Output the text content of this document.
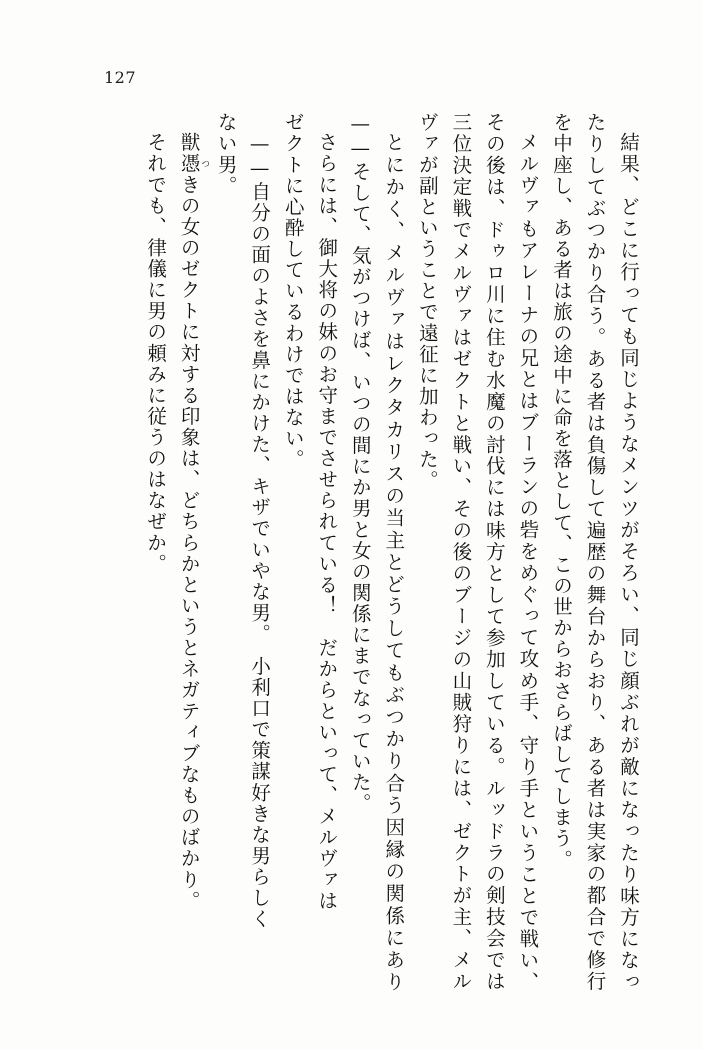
127

結果、どこに行っても同じようなメンツがそろい、同じ顔ぶれが敵になったり味方になったりしてぶつかり合う。ある者は負傷して遍歴の舞台からおり、ある者は実家の都合で修行を中座し、ある者は旅の途中に命を落として、この世からおさらばしてしまう。

メルヴァもアレーナの兄とはブーランの砦をめぐって攻め手、守り手ということで戦い、その後は、ドゥロ川に住む水魔の討伐には味方として参加している。ルッドラの剣技会では三位決定戦でメルヴァはゼクトと戦い、その後のブージの山賊狩りには、ゼクトが主、メルヴァが副ということで遠征に加わった。

とにかく、メルヴァはレクタカリスの当主とどうしてもぶつかり合う因縁の関係にあり——そして、気がつけば、いつの間にか男と女の関係にまでなっていた。

さらには、御大将の妹のお守までさせられている！　だからといって、メルヴァは

ゼクトに心酔しているわけではない。

——自分の面のよさを鼻にかけた、キザでいやな男。　小利口で策謀好きな男らしく

ない男。

獣憑つきの女のゼクトに対する印象は、どちらかというとネガティブなものばかり。

それでも、律儀に男の頼みに従うのはなぜか。
